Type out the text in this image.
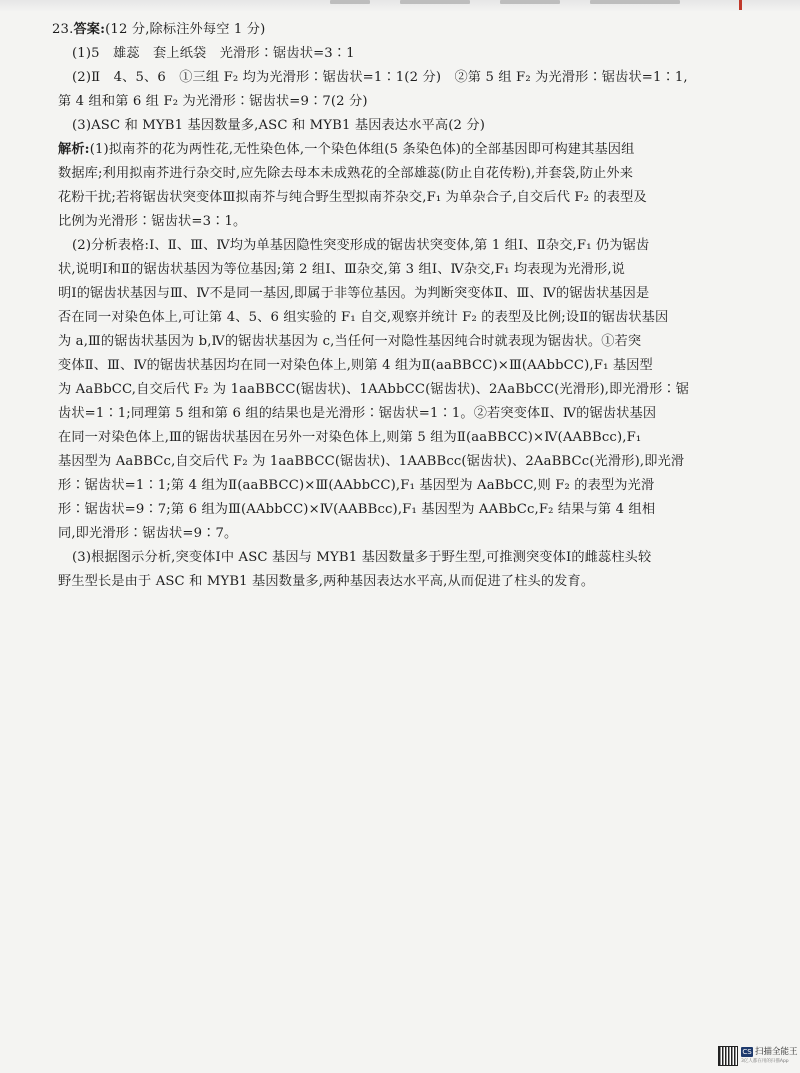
23.答案:(12 分,除标注外每空 1 分)
(1)5　雄蕊　套上纸袋　光滑形∶锯齿状=3∶1
(2)Ⅱ　4、5、6　①三组 F₂ 均为光滑形∶锯齿状=1∶1(2 分)　②第 5 组 F₂ 为光滑形∶锯齿状=1∶1,
第 4 组和第 6 组 F₂ 为光滑形∶锯齿状=9∶7(2 分)
(3)ASC 和 MYB1 基因数量多,ASC 和 MYB1 基因表达水平高(2 分)
解析:(1)拟南芥的花为两性花,无性染色体,一个染色体组(5 条染色体)的全部基因即可构建其基因组
数据库;利用拟南芥进行杂交时,应先除去母本未成熟花的全部雄蕊(防止自花传粉),并套袋,防止外来
花粉干扰;若将锯齿状突变体Ⅲ拟南芥与纯合野生型拟南芥杂交,F₁ 为单杂合子,自交后代 F₂ 的表型及
比例为光滑形∶锯齿状=3∶1。
(2)分析表格:Ⅰ、Ⅱ、Ⅲ、Ⅳ均为单基因隐性突变形成的锯齿状突变体,第 1 组Ⅰ、Ⅱ杂交,F₁ 仍为锯齿
状,说明Ⅰ和Ⅱ的锯齿状基因为等位基因;第 2 组Ⅰ、Ⅲ杂交,第 3 组Ⅰ、Ⅳ杂交,F₁ 均表现为光滑形,说
明Ⅰ的锯齿状基因与Ⅲ、Ⅳ不是同一基因,即属于非等位基因。为判断突变体Ⅱ、Ⅲ、Ⅳ的锯齿状基因是
否在同一对染色体上,可让第 4、5、6 组实验的 F₁ 自交,观察并统计 F₂ 的表型及比例;设Ⅱ的锯齿状基因
为 a,Ⅲ的锯齿状基因为 b,Ⅳ的锯齿状基因为 c,当任何一对隐性基因纯合时就表现为锯齿状。①若突
变体Ⅱ、Ⅲ、Ⅳ的锯齿状基因均在同一对染色体上,则第 4 组为Ⅱ(aaBBCC)×Ⅲ(AAbbCC),F₁ 基因型
为 AaBbCC,自交后代 F₂ 为 1aaBBCC(锯齿状)、1AAbbCC(锯齿状)、2AaBbCC(光滑形),即光滑形∶锯
齿状=1∶1;同理第 5 组和第 6 组的结果也是光滑形∶锯齿状=1∶1。②若突变体Ⅱ、Ⅳ的锯齿状基因
在同一对染色体上,Ⅲ的锯齿状基因在另外一对染色体上,则第 5 组为Ⅱ(aaBBCC)×Ⅳ(AABBcc),F₁
基因型为 AaBBCc,自交后代 F₂ 为 1aaBBCC(锯齿状)、1AABBcc(锯齿状)、2AaBBCc(光滑形),即光滑
形∶锯齿状=1∶1;第 4 组为Ⅱ(aaBBCC)×Ⅲ(AAbbCC),F₁ 基因型为 AaBbCC,则 F₂ 的表型为光滑
形∶锯齿状=9∶7;第 6 组为Ⅲ(AAbbCC)×Ⅳ(AABBcc),F₁ 基因型为 AABbCc,F₂ 结果与第 4 组相
同,即光滑形∶锯齿状=9∶7。
(3)根据图示分析,突变体Ⅰ中 ASC 基因与 MYB1 基因数量多于野生型,可推测突变体Ⅰ的雌蕊柱头较
野生型长是由于 ASC 和 MYB1 基因数量多,两种基因表达水平高,从而促进了柱头的发育。
CS 扫描全能王
3亿人都在用的扫描App
